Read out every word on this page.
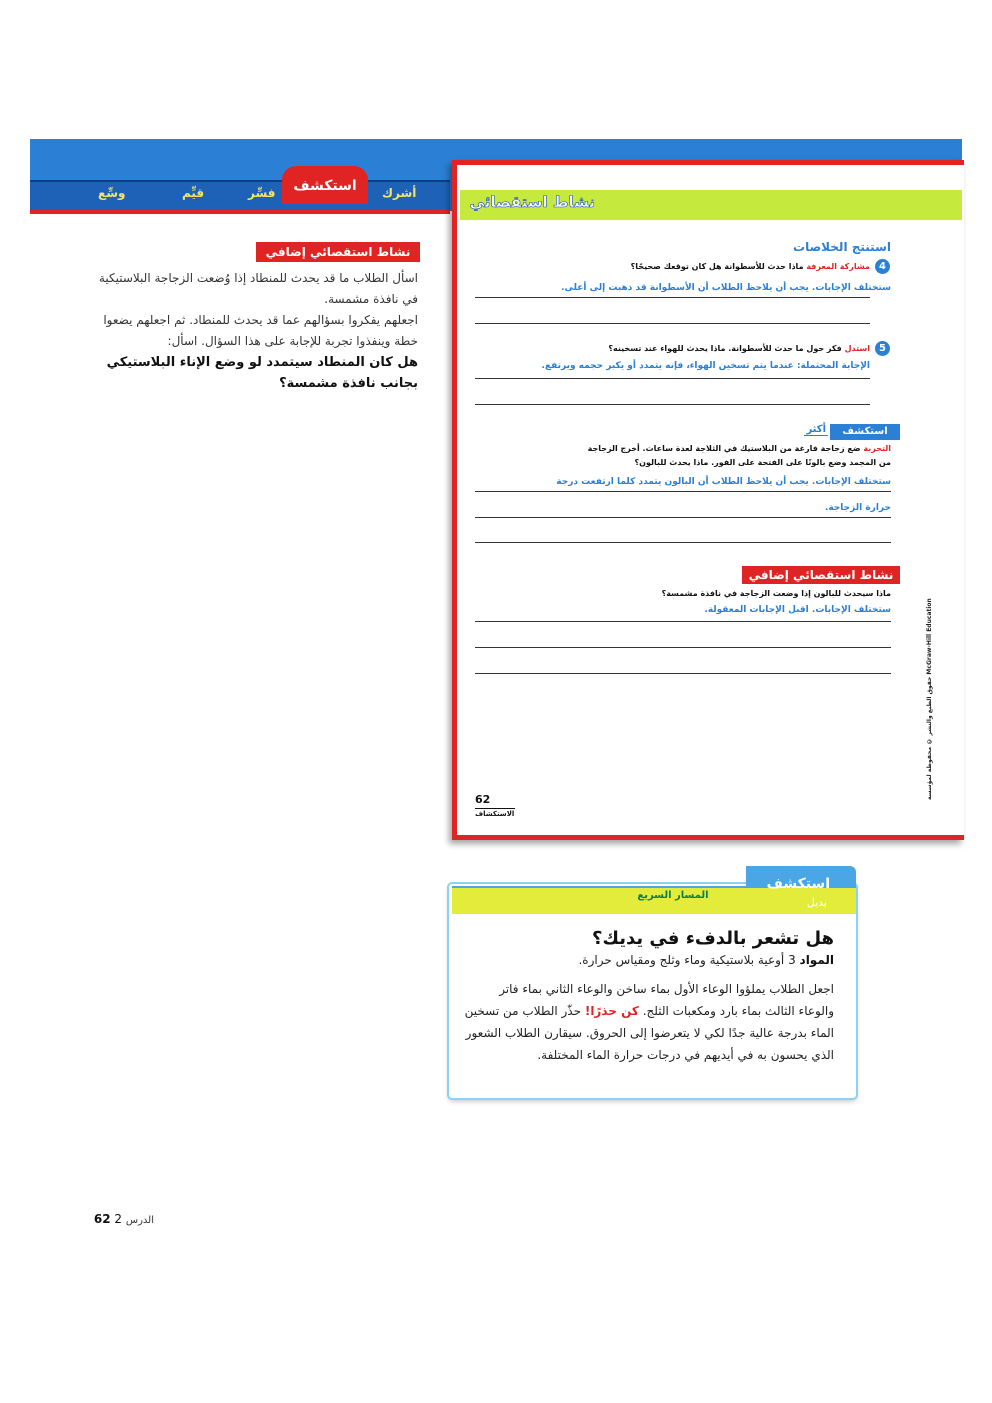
وسِّع	قيِّم	فسِّر	أشرك
استكشف
نشاط استقصائي إضافي
اسأل الطلاب ما قد يحدث للمنطاد إذا وُضعت الزجاجة البلاستيكية في نافذة مشمسة.
اجعلهم يفكروا بسؤالهم عما قد يحدث للمنطاد. ثم اجعلهم يضعوا خطة وينفذوا تجربة للإجابة على هذا السؤال. اسأل:
هل كان المنطاد سيتمدد لو وضع الإناء البلاستيكي بجانب نافذة مشمسة؟
نشاط استقصائي
استنتج الخلاصات
4
مشاركة المعرفة ماذا حدث للأسطوانة هل كان توقعك صحيحًا؟
ستختلف الإجابات. يجب أن يلاحظ الطلاب أن الأسطوانة قد ذهبت إلى أعلى.
5
استدل فكر حول ما حدث للأسطوانة. ماذا يحدث للهواء عند تسخينه؟
الإجابة المحتملة: عندما يتم تسخين الهواء، فإنه يتمدد أو يكبر حجمه ويرتفع.
استكشف
أكثر
التجربة ضع زجاجة فارغة من البلاستيك في الثلاجة لعدة ساعات. أخرج الزجاجة
من المجمد وضع بالونًا على الفتحة على الفور. ماذا يحدث للبالون؟
ستختلف الإجابات. يجب أن يلاحظ الطلاب أن البالون يتمدد كلما ارتفعت درجة
حرارة الزجاجة.
نشاط استقصائي إضافي
ماذا سيحدث للبالون إذا وضعت الزجاجة في نافذة مشمسة؟
ستختلف الإجابات. اقبل الإجابات المعقولة.
62
الاستكشاف
حقوق الطبع والنشر © محفوظة لمؤسسة McGraw-Hill Education
المسار السريع
استكشف
بديل
هل تشعر بالدفء في يديك؟
المواد 3 أوعية بلاستيكية وماء وثلج ومقياس حرارة.
اجعل الطلاب يملؤوا الوعاء الأول بماء ساخن والوعاء الثاني بماء فاتر والوعاء الثالث بماء بارد ومكعبات الثلج. كن حذرًا! حذّر الطلاب من تسخين الماء بدرجة عالية جدًا لكي لا يتعرضوا إلى الحروق. سيقارن الطلاب الشعور الذي يحسون به في أيديهم في درجات حرارة الماء المختلفة.
الدرس 2 62
